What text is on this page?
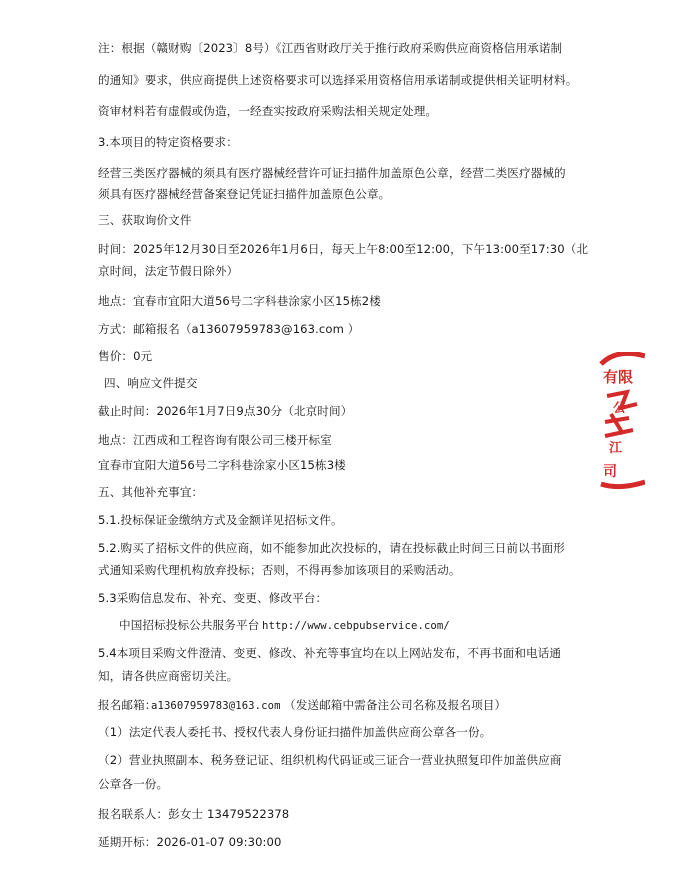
注：根据（赣财购〔2023〕8号）《江西省财政厅关于推行政府采购供应商资格信用承诺制
的通知》要求，供应商提供上述资格要求可以选择采用资格信用承诺制或提供相关证明材料。
资审材料若有虚假或伪造，一经查实按政府采购法相关规定处理。
3.本项目的特定资格要求：
经营三类医疗器械的须具有医疗器械经营许可证扫描件加盖原色公章，经营二类医疗器械的
须具有医疗器械经营备案登记凭证扫描件加盖原色公章。
三、获取询价文件
时间：2025年12月30日至2026年1月6日，每天上午8:00至12:00，下午13:00至17:30（北
京时间，法定节假日除外）
地点：宜春市宜阳大道56号二字科巷涂家小区15栋2楼
方式：邮箱报名（a13607959783@163.com ）
售价：0元
四、响应文件提交
截止时间：2026年1月7日9点30分（北京时间）
地点：江西成和工程咨询有限公司三楼开标室
宜春市宜阳大道56号二字科巷涂家小区15栋3楼
五、其他补充事宜：
5.1.投标保证金缴纳方式及金额详见招标文件。
5.2.购买了招标文件的供应商，如不能参加此次投标的，请在投标截止时间三日前以书面形
式通知采购代理机构放弃投标；否则，不得再参加该项目的采购活动。
5.3采购信息发布、补充、变更、修改平台：
中国招标投标公共服务平台 http://www.cebpubservice.com/
5.4本项目采购文件澄清、变更、修改、补充等事宜均在以上网站发布，不再书面和电话通
知，请各供应商密切关注。
报名邮箱：
a13607959783@163.com （发送邮箱中需备注公司名称及报名项目）
（1）法定代表人委托书、授权代表人身份证扫描件加盖供应商公章各一份。
（2）营业执照副本、税务登记证、组织机构代码证或三证合一营业执照复印件加盖供应商
公章各一份。
报名联系人：彭女士 13479522378
延期开标：2026-01-07 09:30:00
有限
公
江
司
